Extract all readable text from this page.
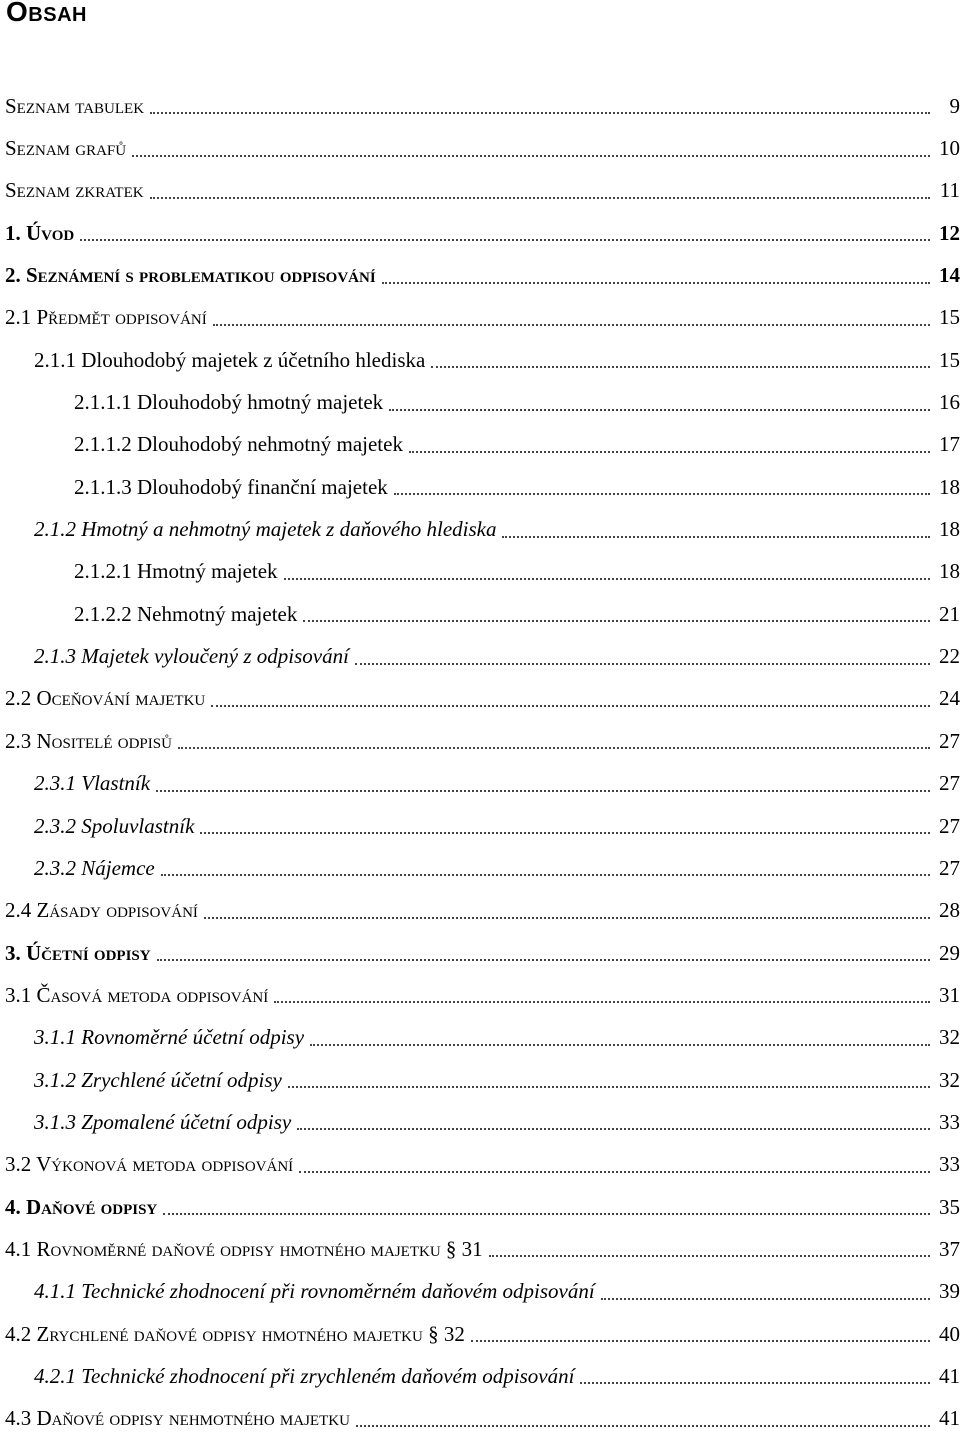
Obsah
Seznam tabulek	9
Seznam grafů	10
Seznam zkratek	11
1. Úvod	12
2. Seznámení s problematikou odpisování	14
2.1 Předmět odpisování	15
2.1.1 Dlouhodobý majetek z účetního hlediska	15
2.1.1.1 Dlouhodobý hmotný majetek	16
2.1.1.2 Dlouhodobý nehmotný majetek	17
2.1.1.3 Dlouhodobý finanční majetek	18
2.1.2 Hmotný a nehmotný majetek z daňového hlediska	18
2.1.2.1 Hmotný majetek	18
2.1.2.2 Nehmotný majetek	21
2.1.3 Majetek vyloučený z odpisování	22
2.2 Oceňování majetku	24
2.3 Nositelé odpisů	27
2.3.1 Vlastník	27
2.3.2 Spoluvlastník	27
2.3.2 Nájemce	27
2.4 Zásady odpisování	28
3. Účetní odpisy	29
3.1 Časová metoda odpisování	31
3.1.1 Rovnoměrné účetní odpisy	32
3.1.2 Zrychlené účetní odpisy	32
3.1.3 Zpomalené účetní odpisy	33
3.2 Výkonová metoda odpisování	33
4. Daňové odpisy	35
4.1 Rovnoměrné daňové odpisy hmotného majetku § 31	37
4.1.1 Technické zhodnocení při rovnoměrném daňovém odpisování	39
4.2 Zrychlené daňové odpisy hmotného majetku § 32	40
4.2.1 Technické zhodnocení při zrychleném daňovém odpisování	41
4.3 Daňové odpisy nehmotného majetku	41
